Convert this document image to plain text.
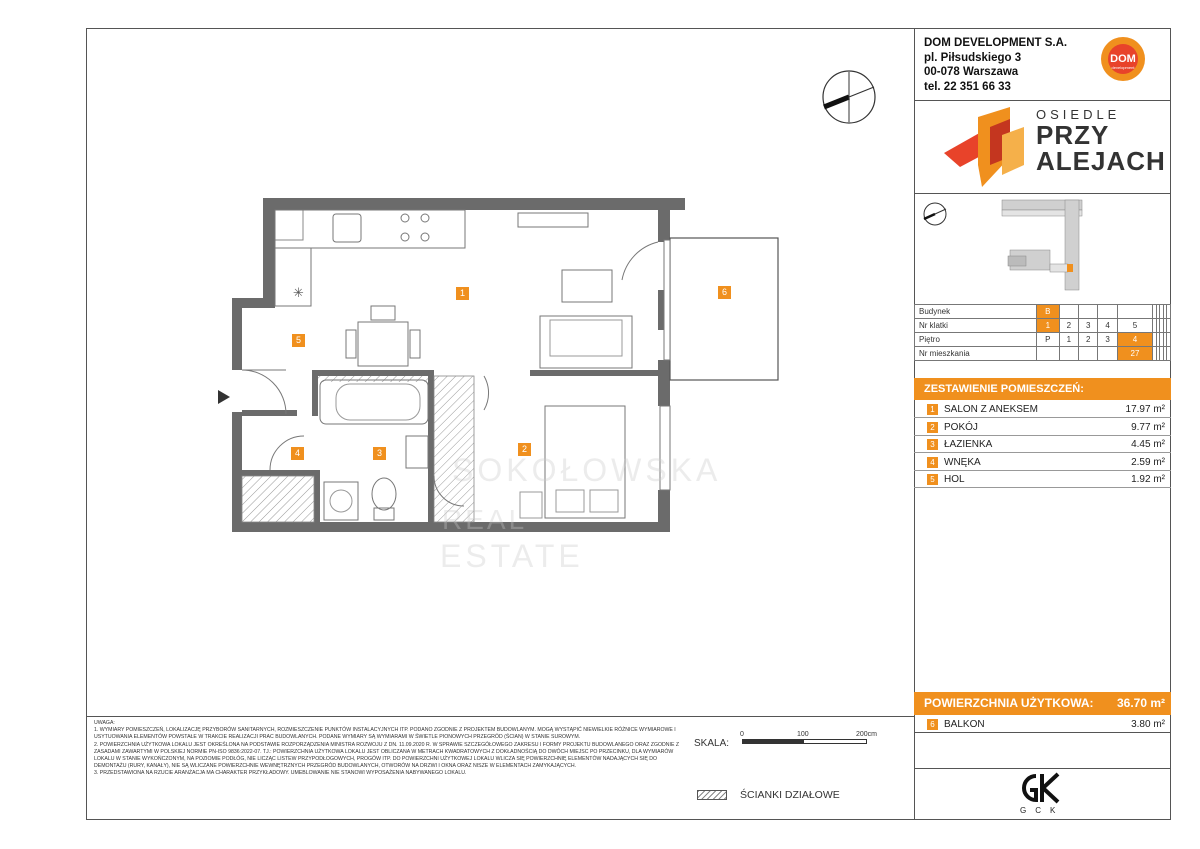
DOM DEVELOPMENT S.A.
pl. Piłsudskiego 3
00-078 Warszawa
tel. 22 351 66 33
DOM
development
OSIEDLE
PRZY
ALEJACH
Budynek	B									
Nr klatki	1	2	3	4	5					
Piętro	P	1	2	3	4					
Nr mieszkania					27					
ZESTAWIENIE POMIESZCZEŃ:
1 SALON Z ANEKSEM	17.97 m²
2 POKÓJ	9.77 m²
3 ŁAZIENKA	4.45 m²
4 WNĘKA	2.59 m²
5 HOL	1.92 m²
POWIERZCHNIA UŻYTKOWA: 36.70 m²
6 BALKON	3.80 m²
GCK
UWAGA:
1. WYMIARY POMIESZCZEŃ, LOKALIZACJĘ PRZYBORÓW SANITARNYCH, ROZMIESZCZENIE PUNKTÓW INSTALACYJNYCH ITP. PODANO ZGODNIE Z PROJEKTEM BUDOWLANYM. MOGĄ WYSTĄPIĆ NIEWIELKIE RÓŻNICE WYMIAROWE I USYTUOWANIA ELEMENTÓW POWSTAŁE W TRAKCIE REALIZACJI PRAC BUDOWLANYCH. PODANE WYMIARY SĄ WYMIARAMI W ŚWIETLE PIONOWYCH PRZEGRÓD (ŚCIAN) W STANIE SUROWYM.
2. POWIERZCHNIA UŻYTKOWA LOKALU JEST OKREŚLONA NA PODSTAWIE ROZPORZĄDZENIA MINISTRA ROZWOJU Z DN. 11.09.2020 R. W SPRAWIE SZCZEGÓŁOWEGO ZAKRESU I FORMY PROJEKTU BUDOWLANEGO ORAZ ZGODNIE Z ZASADAMI ZAWARTYMI W POLSKIEJ NORMIE PN-ISO 9836:2022-07. TJ.: POWIERZCHNIA UŻYTKOWA LOKALU JEST OBLICZANA W METRACH KWADRATOWYCH Z DOKŁADNOŚCIĄ DO DWÓCH MIEJSC PO PRZECINKU, DLA WYMIARÓW LOKALU W STANIE WYKOŃCZONYM, NA POZIOMIE PODŁÓG, NIE LICZĄC LISTEW PRZYPODŁOGOWYCH, PROGÓW ITP. DO POWIERZCHNI UŻYTKOWEJ LOKALU WLICZA SIĘ POWIERZCHNIĘ ELEMENTÓW NADAJĄCYCH SIĘ DO DEMONTAŻU (RURY, KANAŁY), NIE SĄ WLICZANE POWIERZCHNIE WEWNĘTRZNYCH PRZEGRÓD BUDOWLANYCH, OTWORÓW NA DRZWI I OKNA ORAZ NISZE W ELEMENTACH ZAMYKAJĄCYCH.
3. PRZEDSTAWIONA NA RZUCIE ARANŻACJA MA CHARAKTER PRZYKŁADOWY. UMEBLOWANIE NIE STANOWI WYPOSAŻENIA NABYWANEGO LOKALU.
SKALA:
0	100	200cm
ŚCIANKI DZIAŁOWE
✳	1
2
3
4
5
6
SOKOŁOWSKA
REAL
ESTATE
